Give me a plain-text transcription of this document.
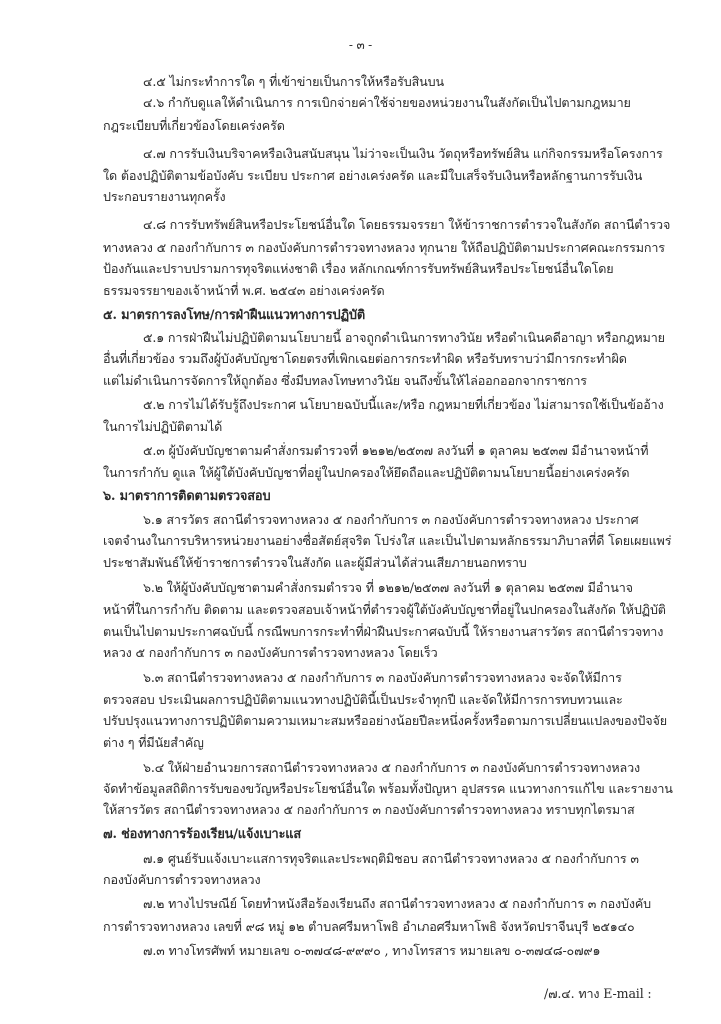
- ๓ -
๔.๕ ไม่กระทำการใด ๆ ที่เข้าข่ายเป็นการให้หรือรับสินบน
๔.๖ กำกับดูแลให้ดำเนินการ การเบิกจ่ายค่าใช้จ่ายของหน่วยงานในสังกัดเป็นไปตามกฎหมาย
กฎระเบียบที่เกี่ยวข้องโดยเคร่งครัด
๔.๗ การรับเงินบริจาคหรือเงินสนับสนุน ไม่ว่าจะเป็นเงิน วัตถุหรือทรัพย์สิน แก่กิจกรรมหรือโครงการ
ใด ต้องปฏิบัติตามข้อบังคับ ระเบียบ ประกาศ อย่างเคร่งครัด และมีใบเสร็จรับเงินหรือหลักฐานการรับเงิน
ประกอบรายงานทุกครั้ง
๔.๘ การรับทรัพย์สินหรือประโยชน์อื่นใด โดยธรรมจรรยา ให้ข้าราชการตำรวจในสังกัด สถานีตำรวจ
ทางหลวง ๕ กองกำกับการ ๓ กองบังคับการตำรวจทางหลวง ทุกนาย ให้ถือปฏิบัติตามประกาศคณะกรรมการ
ป้องกันและปราบปรามการทุจริตแห่งชาติ เรื่อง หลักเกณฑ์การรับทรัพย์สินหรือประโยชน์อื่นใดโดย
ธรรมจรรยาของเจ้าหน้าที่ พ.ศ. ๒๕๔๓ อย่างเคร่งครัด
๕. มาตรการลงโทษ/การฝ่าฝืนแนวทางการปฏิบัติ
๕.๑ การฝ่าฝืนไม่ปฏิบัติตามนโยบายนี้ อาจถูกดำเนินการทางวินัย หรือดำเนินคดีอาญา หรือกฎหมาย
อื่นที่เกี่ยวข้อง รวมถึงผู้บังคับบัญชาโดยตรงที่เพิกเฉยต่อการกระทำผิด หรือรับทราบว่ามีการกระทำผิด
แต่ไม่ดำเนินการจัดการให้ถูกต้อง ซึ่งมีบทลงโทษทางวินัย จนถึงขั้นให้ไล่ออกออกจากราชการ
๕.๒ การไม่ได้รับรู้ถึงประกาศ นโยบายฉบับนี้และ/หรือ กฎหมายที่เกี่ยวข้อง ไม่สามารถใช้เป็นข้ออ้าง
ในการไม่ปฏิบัติตามได้
๕.๓ ผู้บังคับบัญชาตามคำสั่งกรมตำรวจที่ ๑๒๑๒/๒๕๓๗ ลงวันที่ ๑ ตุลาคม ๒๕๓๗ มีอำนาจหน้าที่
ในการกำกับ ดูแล ให้ผู้ใต้บังคับบัญชาที่อยู่ในปกครองให้ยึดถือและปฏิบัติตามนโยบายนี้อย่างเคร่งครัด
๖. มาตราการติดตามตรวจสอบ
๖.๑ สารวัตร สถานีตำรวจทางหลวง ๕ กองกำกับการ ๓ กองบังคับการตำรวจทางหลวง ประกาศ
เจตจำนงในการบริหารหน่วยงานอย่างซื่อสัตย์สุจริต โปร่งใส และเป็นไปตามหลักธรรมาภิบาลที่ดี โดยเผยแพร่
ประชาสัมพันธ์ให้ข้าราชการตำรวจในสังกัด และผู้มีส่วนได้ส่วนเสียภายนอกทราบ
๖.๒ ให้ผู้บังคับบัญชาตามคำสั่งกรมตำรวจ ที่ ๑๒๑๒/๒๕๓๗ ลงวันที่ ๑ ตุลาคม ๒๕๓๗ มีอำนาจ
หน้าที่ในการกำกับ ติดตาม และตรวจสอบเจ้าหน้าที่ตำรวจผู้ใต้บังคับบัญชาที่อยู่ในปกครองในสังกัด ให้ปฏิบัติ
ตนเป็นไปตามประกาศฉบับนี้ กรณีพบการกระทำที่ฝ่าฝืนประกาศฉบับนี้ ให้รายงานสารวัตร สถานีตำรวจทาง
หลวง ๕ กองกำกับการ ๓ กองบังคับการตำรวจทางหลวง โดยเร็ว
๖.๓ สถานีตำรวจทางหลวง ๕ กองกำกับการ ๓ กองบังคับการตำรวจทางหลวง จะจัดให้มีการ
ตรวจสอบ ประเมินผลการปฏิบัติตามแนวทางปฏิบัตินี้เป็นประจำทุกปี และจัดให้มีการการทบทวนและ
ปรับปรุงแนวทางการปฏิบัติตามความเหมาะสมหรืออย่างน้อยปีละหนึ่งครั้งหรือตามการเปลี่ยนแปลงของปัจจัย
ต่าง ๆ ที่มีนัยสำคัญ
๖.๔ ให้ฝ่ายอำนวยการสถานีตำรวจทางหลวง ๕ กองกำกับการ ๓ กองบังคับการตำรวจทางหลวง
จัดทำข้อมูลสถิติการรับของขวัญหรือประโยชน์อื่นใด พร้อมทั้งปัญหา อุปสรรค แนวทางการแก้ไข และรายงาน
ให้สารวัตร สถานีตำรวจทางหลวง ๕ กองกำกับการ ๓ กองบังคับการตำรวจทางหลวง ทราบทุกไตรมาส
๗. ช่องทางการร้องเรียน/แจ้งเบาะแส
๗.๑ ศูนย์รับแจ้งเบาะแสการทุจริตและประพฤติมิชอบ สถานีตำรวจทางหลวง ๕ กองกำกับการ ๓
กองบังคับการตำรวจทางหลวง
๗.๒ ทางไปรษณีย์ โดยทำหนังสือร้องเรียนถึง สถานีตำรวจทางหลวง ๕ กองกำกับการ ๓ กองบังคับ
การตำรวจทางหลวง เลขที่ ๙๘ หมู่ ๑๒ ตำบลศรีมหาโพธิ อำเภอศรีมหาโพธิ จังหวัดปราจีนบุรี ๒๕๑๔๐
๗.๓ ทางโทรศัพท์ หมายเลข ๐-๓๗๔๘-๙๙๙๐ , ทางโทรสาร หมายเลข ๐-๓๗๔๘-๐๗๙๑
/๗.๔. ทาง E-mail :
